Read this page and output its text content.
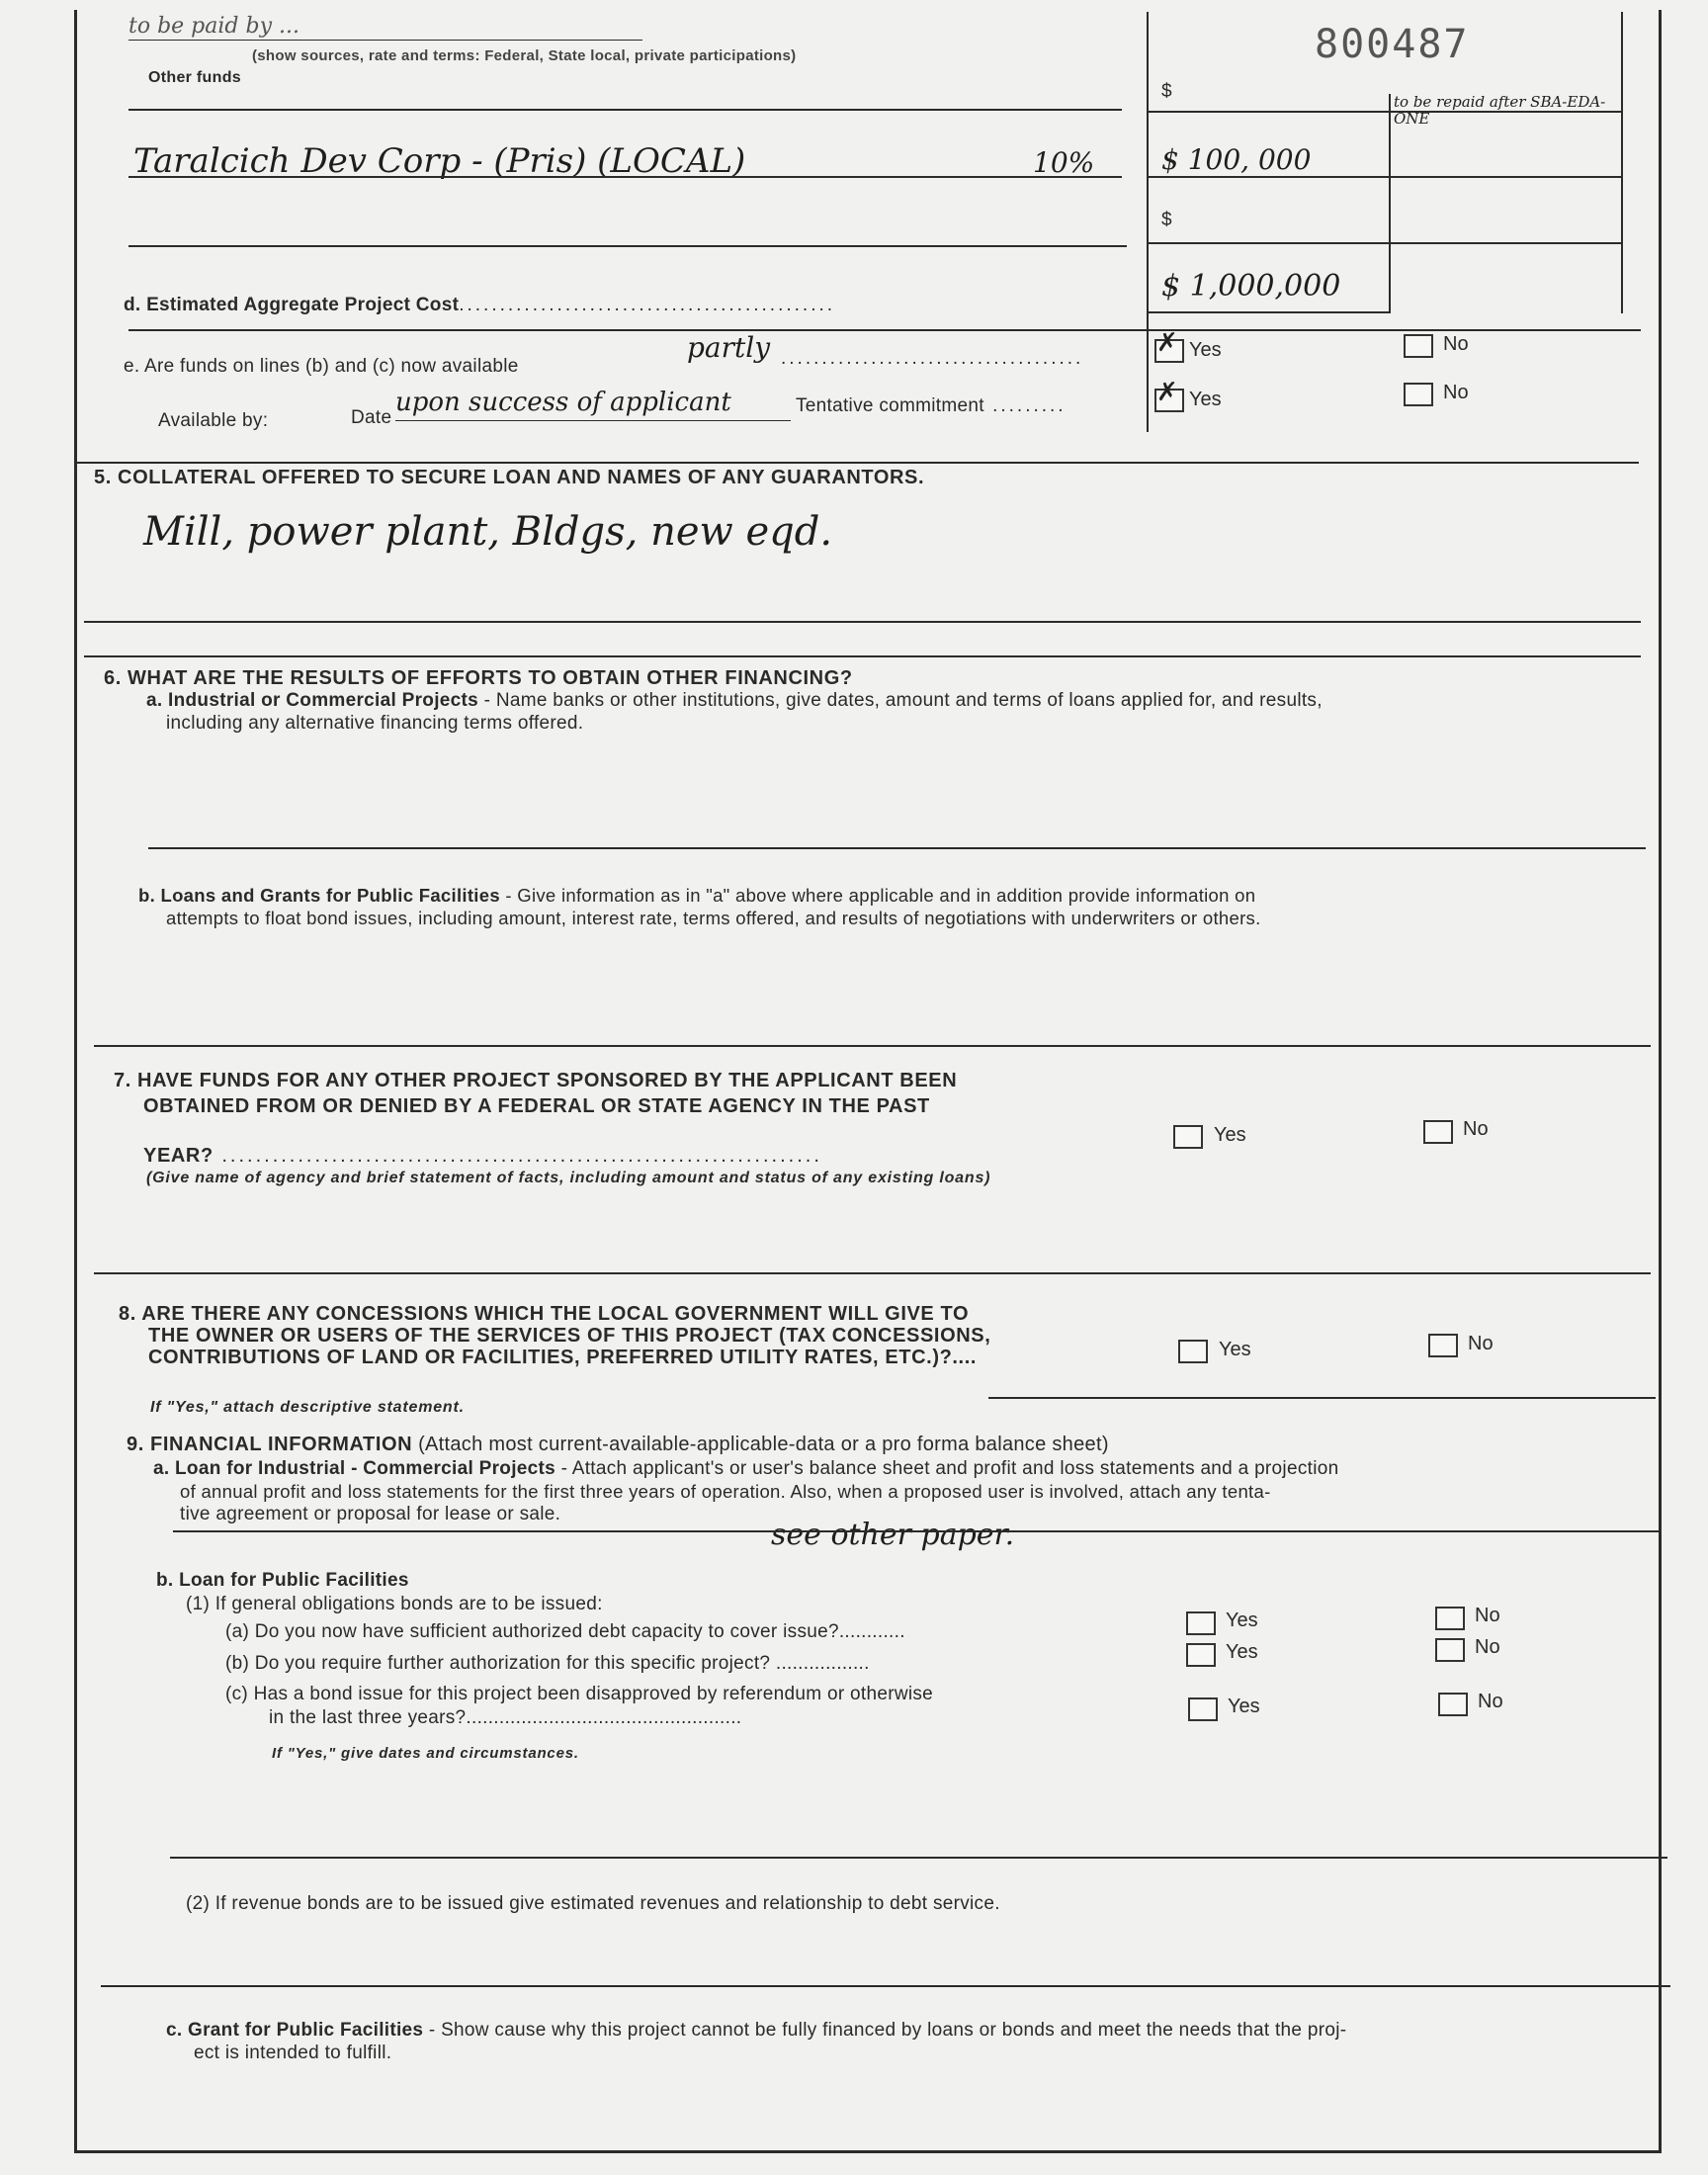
800487
to be paid by ...
Other funds
(show sources, rate and terms: Federal, State local, private participations)
Taralcich Dev Corp - (Pris) (LOCAL)	10%
$
$ 100, 000
$
to be repaid after SBA-EDA-ONE
d. Estimated Aggregate Project Cost..............................................
$ 1,000,000
e. Are funds on lines (b) and (c) now available
partly .....................................
✗ Yes	No
Available by:	Date
upon success of applicant	Tentative commitment .........	✗ Yes	No
5. COLLATERAL OFFERED TO SECURE LOAN AND NAMES OF ANY GUARANTORS.
Mill, power plant, Bldgs, new eqd.
6. WHAT ARE THE RESULTS OF EFFORTS TO OBTAIN OTHER FINANCING?
a. Industrial or Commercial Projects - Name banks or other institutions, give dates, amount and terms of loans applied for, and results,
including any alternative financing terms offered.
b. Loans and Grants for Public Facilities - Give information as in "a" above where applicable and in addition provide information on
attempts to float bond issues, including amount, interest rate, terms offered, and results of negotiations with underwriters or others.
7. HAVE FUNDS FOR ANY OTHER PROJECT SPONSORED BY THE APPLICANT BEEN
OBTAINED FROM OR DENIED BY A FEDERAL OR STATE AGENCY IN THE PAST
YEAR? .......................................................................
Yes	No
(Give name of agency and brief statement of facts, including amount and status of any existing loans)
8. ARE THERE ANY CONCESSIONS WHICH THE LOCAL GOVERNMENT WILL GIVE TO
THE OWNER OR USERS OF THE SERVICES OF THIS PROJECT (TAX CONCESSIONS,
CONTRIBUTIONS OF LAND OR FACILITIES, PREFERRED UTILITY RATES, ETC.)?....	Yes	No
If "Yes," attach descriptive statement.
9. FINANCIAL INFORMATION (Attach most current-available-applicable-data or a pro forma balance sheet)
a. Loan for Industrial - Commercial Projects - Attach applicant's or user's balance sheet and profit and loss statements and a projection
of annual profit and loss statements for the first three years of operation. Also, when a proposed user is involved, attach any tenta-
tive agreement or proposal for lease or sale.
see other paper.
b. Loan for Public Facilities
(1) If general obligations bonds are to be issued:
(a) Do you now have sufficient authorized debt capacity to cover issue?............
Yes	No
(b) Do you require further authorization for this specific project? .................
Yes	No
(c) Has a bond issue for this project been disapproved by referendum or otherwise
in the last three years?..................................................
Yes	No
If "Yes," give dates and circumstances.
(2) If revenue bonds are to be issued give estimated revenues and relationship to debt service.
c. Grant for Public Facilities - Show cause why this project cannot be fully financed by loans or bonds and meet the needs that the proj-
ect is intended to fulfill.
